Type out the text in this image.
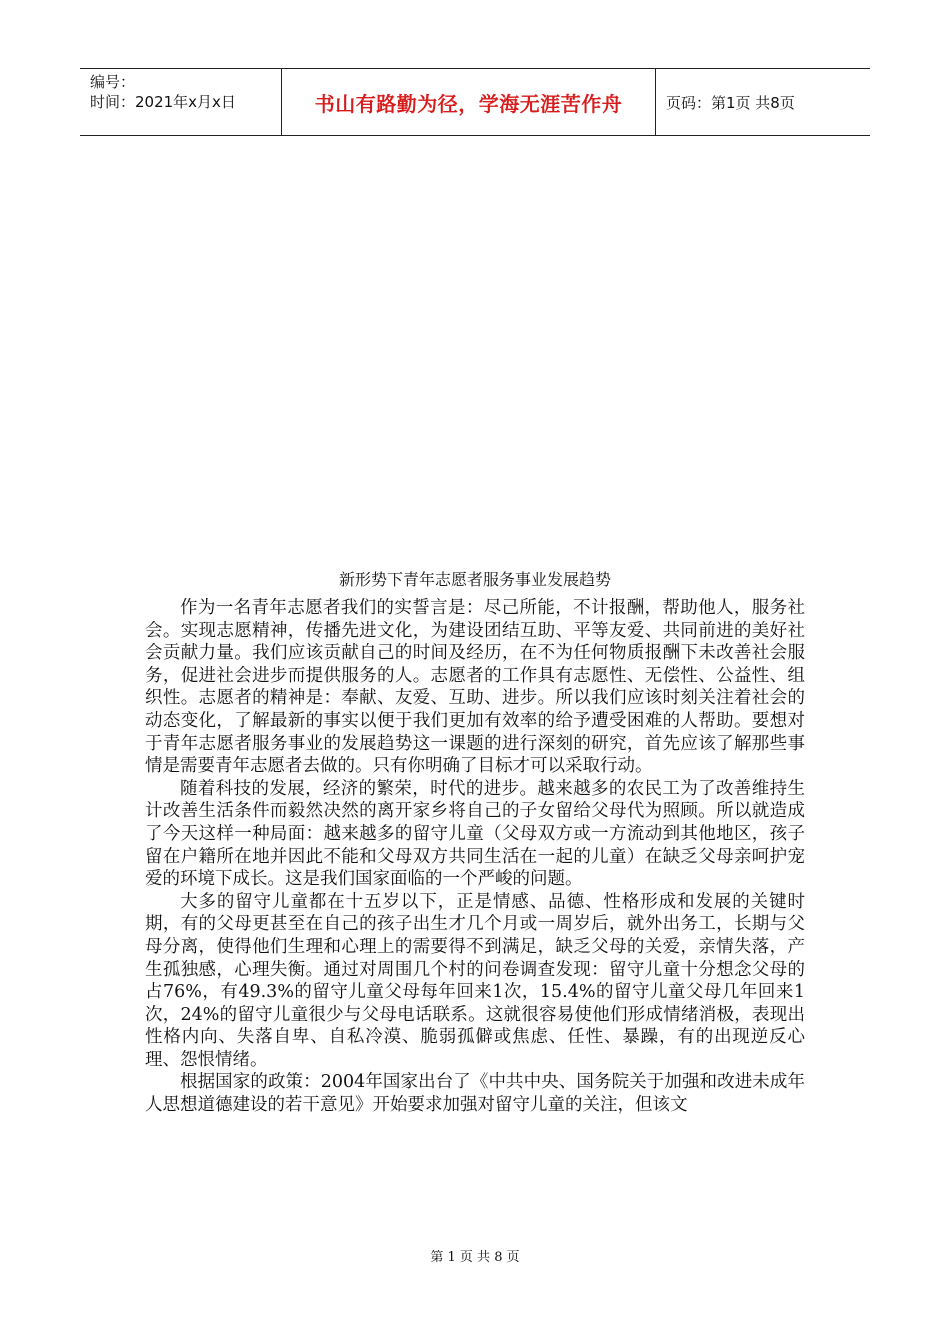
编号：
时间：2021年x月x日	书山有路勤为径，学海无涯苦作舟	页码：第1页 共8页
新形势下青年志愿者服务事业发展趋势

作为一名青年志愿者我们的实誓言是：尽己所能，不计报酬，帮助他人，服务社会。实现志愿精神，传播先进文化，为建设团结互助、平等友爱、共同前进的美好社会贡献力量。我们应该贡献自己的时间及经历，在不为任何物质报酬下未改善社会服务，促进社会进步而提供服务的人。志愿者的工作具有志愿性、无偿性、公益性、组织性。志愿者的精神是：奉献、友爱、互助、进步。所以我们应该时刻关注着社会的动态变化，了解最新的事实以便于我们更加有效率的给予遭受困难的人帮助。要想对于青年志愿者服务事业的发展趋势这一课题的进行深刻的研究，首先应该了解那些事情是需要青年志愿者去做的。只有你明确了目标才可以采取行动。

随着科技的发展，经济的繁荣，时代的进步。越来越多的农民工为了改善维持生计改善生活条件而毅然决然的离开家乡将自己的子女留给父母代为照顾。所以就造成了今天这样一种局面：越来越多的留守儿童（父母双方或一方流动到其他地区，孩子留在户籍所在地并因此不能和父母双方共同生活在一起的儿童）在缺乏父母亲呵护宠爱的环境下成长。这是我们国家面临的一个严峻的问题。

大多的留守儿童都在十五岁以下，正是情感、品德、性格形成和发展的关键时期，有的父母更甚至在自己的孩子出生才几个月或一周岁后，就外出务工，长期与父母分离，使得他们生理和心理上的需要得不到满足，缺乏父母的关爱，亲情失落，产生孤独感，心理失衡。通过对周围几个村的问卷调查发现：留守儿童十分想念父母的占76%，有49.3%的留守儿童父母每年回来1次，15.4%的留守儿童父母几年回来1次，24%的留守儿童很少与父母电话联系。这就很容易使他们形成情绪消极，表现出性格内向、失落自卑、自私冷漠、脆弱孤僻或焦虑、任性、暴躁，有的出现逆反心理、怨恨情绪。

根据国家的政策：2004年国家出台了《中共中央、国务院关于加强和改进未成年人思想道德建设的若干意见》开始要求加强对留守儿童的关注，但该文

第 1 页 共 8 页
